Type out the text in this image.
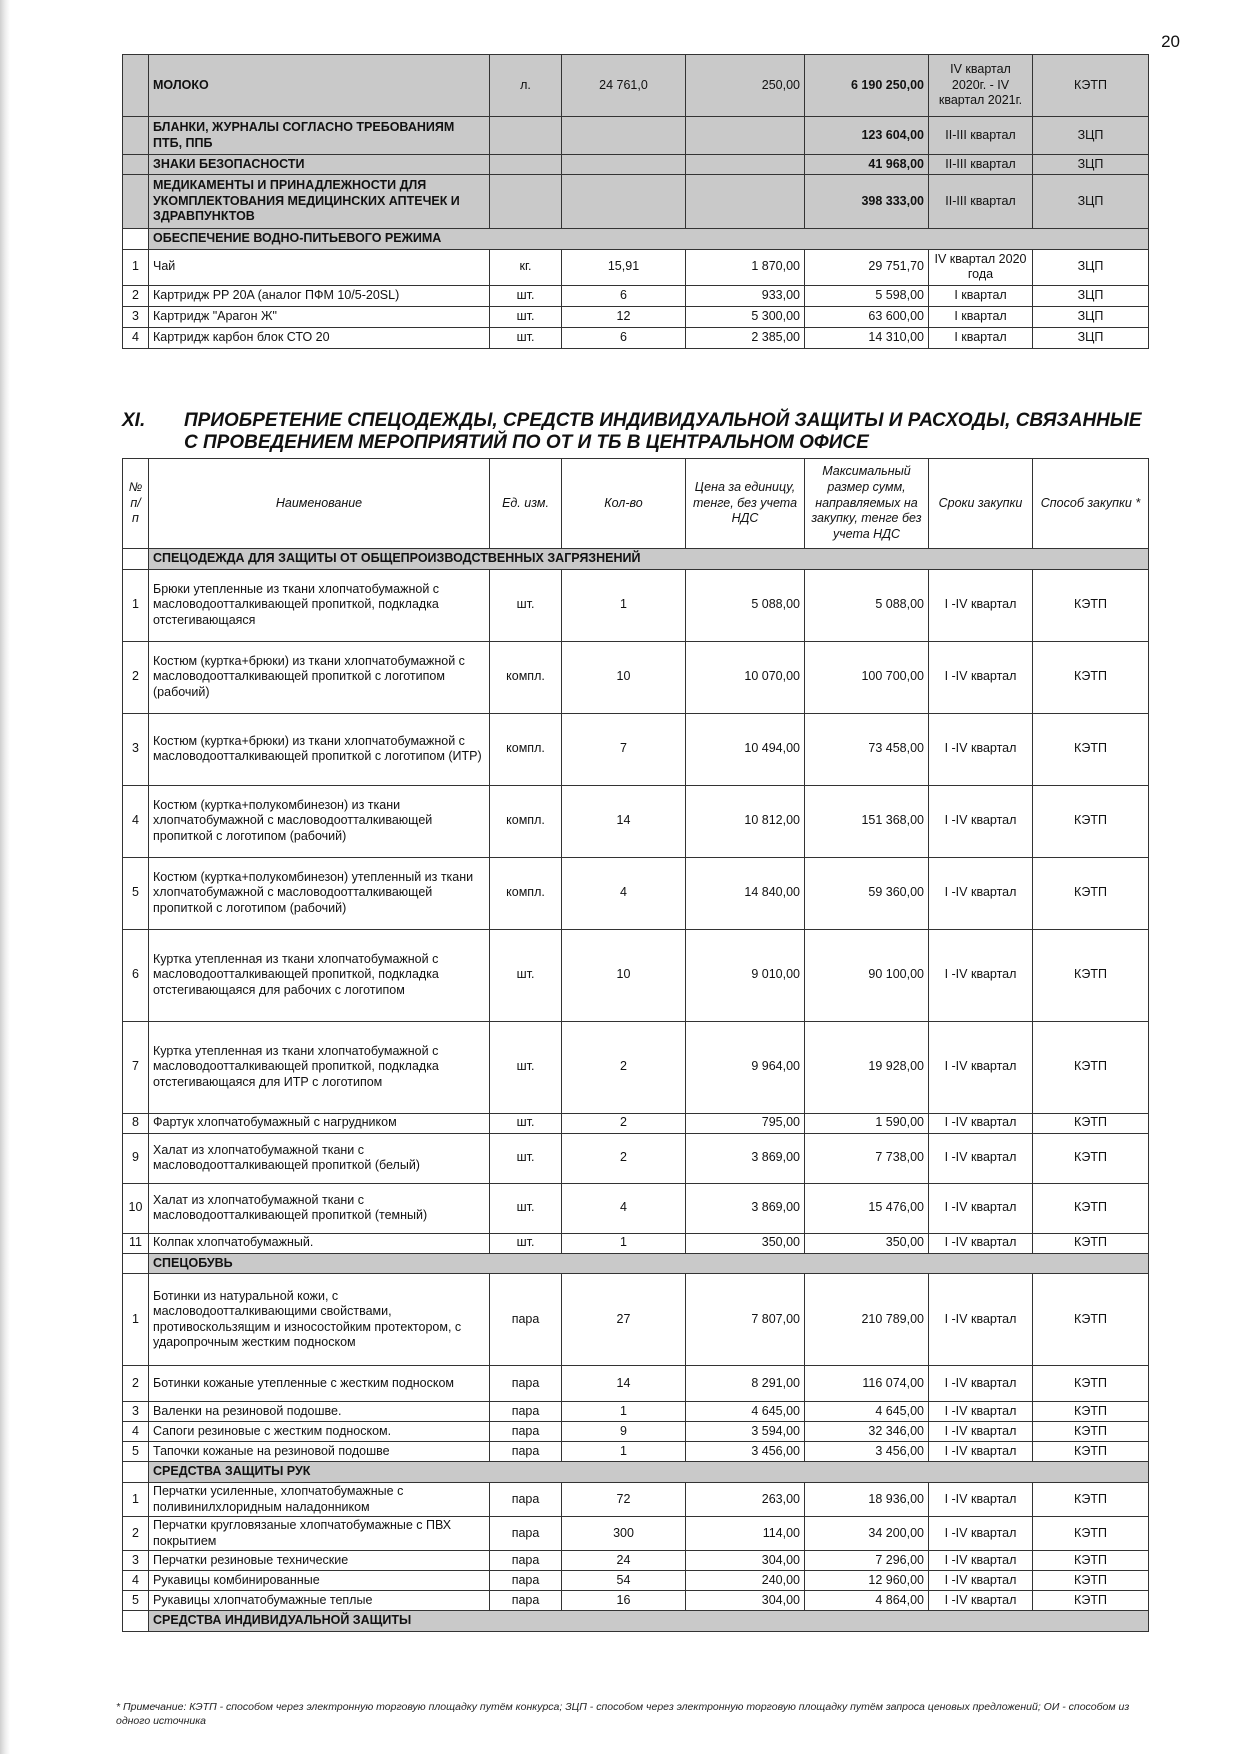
20
	МОЛОКО	л.	24 761,0	250,00	6 190 250,00	IV квартал 2020г. - IV квартал 2021г.	КЭТП
	БЛАНКИ, ЖУРНАЛЫ СОГЛАСНО ТРЕБОВАНИЯМ ПТБ, ППБ				123 604,00	II-III квартал	ЗЦП
	ЗНАКИ БЕЗОПАСНОСТИ				41 968,00	II-III квартал	ЗЦП
	МЕДИКАМЕНТЫ И ПРИНАДЛЕЖНОСТИ ДЛЯ УКОМПЛЕКТОВАНИЯ МЕДИЦИНСКИХ АПТЕЧЕК И ЗДРАВПУНКТОВ				398 333,00	II-III квартал	ЗЦП
	ОБЕСПЕЧЕНИЕ ВОДНО-ПИТЬЕВОГО РЕЖИМА						
1	Чай	кг.	15,91	1 870,00	29 751,70	IV квартал 2020 года	ЗЦП
2	Картридж PP 20A (аналог ПФМ 10/5-20SL)	шт.	6	933,00	5 598,00	I квартал	ЗЦП
3	Картридж "Арагон Ж"	шт.	12	5 300,00	63 600,00	I квартал	ЗЦП
4	Картридж карбон блок СТО 20	шт.	6	2 385,00	14 310,00	I квартал	ЗЦП
XI. ПРИОБРЕТЕНИЕ СПЕЦОДЕЖДЫ, СРЕДСТВ ИНДИВИДУАЛЬНОЙ ЗАЩИТЫ И РАСХОДЫ, СВЯЗАННЫЕ С ПРОВЕДЕНИЕМ МЕРОПРИЯТИЙ ПО ОТ И ТБ В ЦЕНТРАЛЬНОМ ОФИСЕ
№ п/п	Наименование	Ед. изм.	Кол-во	Цена за единицу, тенге, без учета НДС	Максимальный размер сумм, направляемых на закупку, тенге без учета НДС	Сроки закупки	Способ закупки *
	СПЕЦОДЕЖДА ДЛЯ ЗАЩИТЫ ОТ ОБЩЕПРОИЗВОДСТВЕННЫХ ЗАГРЯЗНЕНИЙ						
1	Брюки утепленные из ткани хлопчатобумажной с масловодоотталкивающей пропиткой, подкладка отстегивающаяся	шт.	1	5 088,00	5 088,00	I -IV квартал	КЭТП
2	Костюм (куртка+брюки) из ткани хлопчатобумажной с масловодоотталкивающей пропиткой с логотипом (рабочий)	компл.	10	10 070,00	100 700,00	I -IV квартал	КЭТП
3	Костюм (куртка+брюки) из ткани хлопчатобумажной с масловодоотталкивающей пропиткой с логотипом (ИТР)	компл.	7	10 494,00	73 458,00	I -IV квартал	КЭТП
4	Костюм (куртка+полукомбинезон) из ткани хлопчатобумажной с масловодоотталкивающей пропиткой с логотипом (рабочий)	компл.	14	10 812,00	151 368,00	I -IV квартал	КЭТП
5	Костюм (куртка+полукомбинезон) утепленный из ткани хлопчатобумажной с масловодоотталкивающей пропиткой с логотипом (рабочий)	компл.	4	14 840,00	59 360,00	I -IV квартал	КЭТП
6	Куртка утепленная из ткани хлопчатобумажной с масловодоотталкивающей пропиткой, подкладка отстегивающаяся для рабочих с логотипом	шт.	10	9 010,00	90 100,00	I -IV квартал	КЭТП
7	Куртка утепленная из ткани хлопчатобумажной с масловодоотталкивающей пропиткой, подкладка отстегивающаяся для ИТР с логотипом	шт.	2	9 964,00	19 928,00	I -IV квартал	КЭТП
8	Фартук хлопчатобумажный с нагрудником	шт.	2	795,00	1 590,00	I -IV квартал	КЭТП
9	Халат из хлопчатобумажной ткани с масловодоотталкивающей пропиткой (белый)	шт.	2	3 869,00	7 738,00	I -IV квартал	КЭТП
10	Халат из хлопчатобумажной ткани с масловодоотталкивающей пропиткой (темный)	шт.	4	3 869,00	15 476,00	I -IV квартал	КЭТП
11	Колпак хлопчатобумажный.	шт.	1	350,00	350,00	I -IV квартал	КЭТП
	СПЕЦОБУВЬ						
1	Ботинки из натуральной кожи, с масловодоотталкивающими свойствами, противоскользящим и износостойким протектором, с ударопрочным жестким подноском	пара	27	7 807,00	210 789,00	I -IV квартал	КЭТП
2	Ботинки кожаные утепленные с жестким подноском	пара	14	8 291,00	116 074,00	I -IV квартал	КЭТП
3	Валенки на резиновой подошве.	пара	1	4 645,00	4 645,00	I -IV квартал	КЭТП
4	Сапоги резиновые с жестким подноском.	пара	9	3 594,00	32 346,00	I -IV квартал	КЭТП
5	Тапочки кожаные на резиновой подошве	пара	1	3 456,00	3 456,00	I -IV квартал	КЭТП
	СРЕДСТВА ЗАЩИТЫ РУК						
1	Перчатки усиленные, хлопчатобумажные с поливинилхлоридным наладонником	пара	72	263,00	18 936,00	I -IV квартал	КЭТП
2	Перчатки кругловязаные хлопчатобумажные с ПВХ покрытием	пара	300	114,00	34 200,00	I -IV квартал	КЭТП
3	Перчатки резиновые технические	пара	24	304,00	7 296,00	I -IV квартал	КЭТП
4	Рукавицы комбинированные	пара	54	240,00	12 960,00	I -IV квартал	КЭТП
5	Рукавицы хлопчатобумажные теплые	пара	16	304,00	4 864,00	I -IV квартал	КЭТП
	СРЕДСТВА ИНДИВИДУАЛЬНОЙ ЗАЩИТЫ						
* Примечание: КЭТП - способом через электронную торговую площадку путём конкурса; ЗЦП - способом через электронную торговую площадку путём запроса ценовых предложений; ОИ - способом из одного источника
